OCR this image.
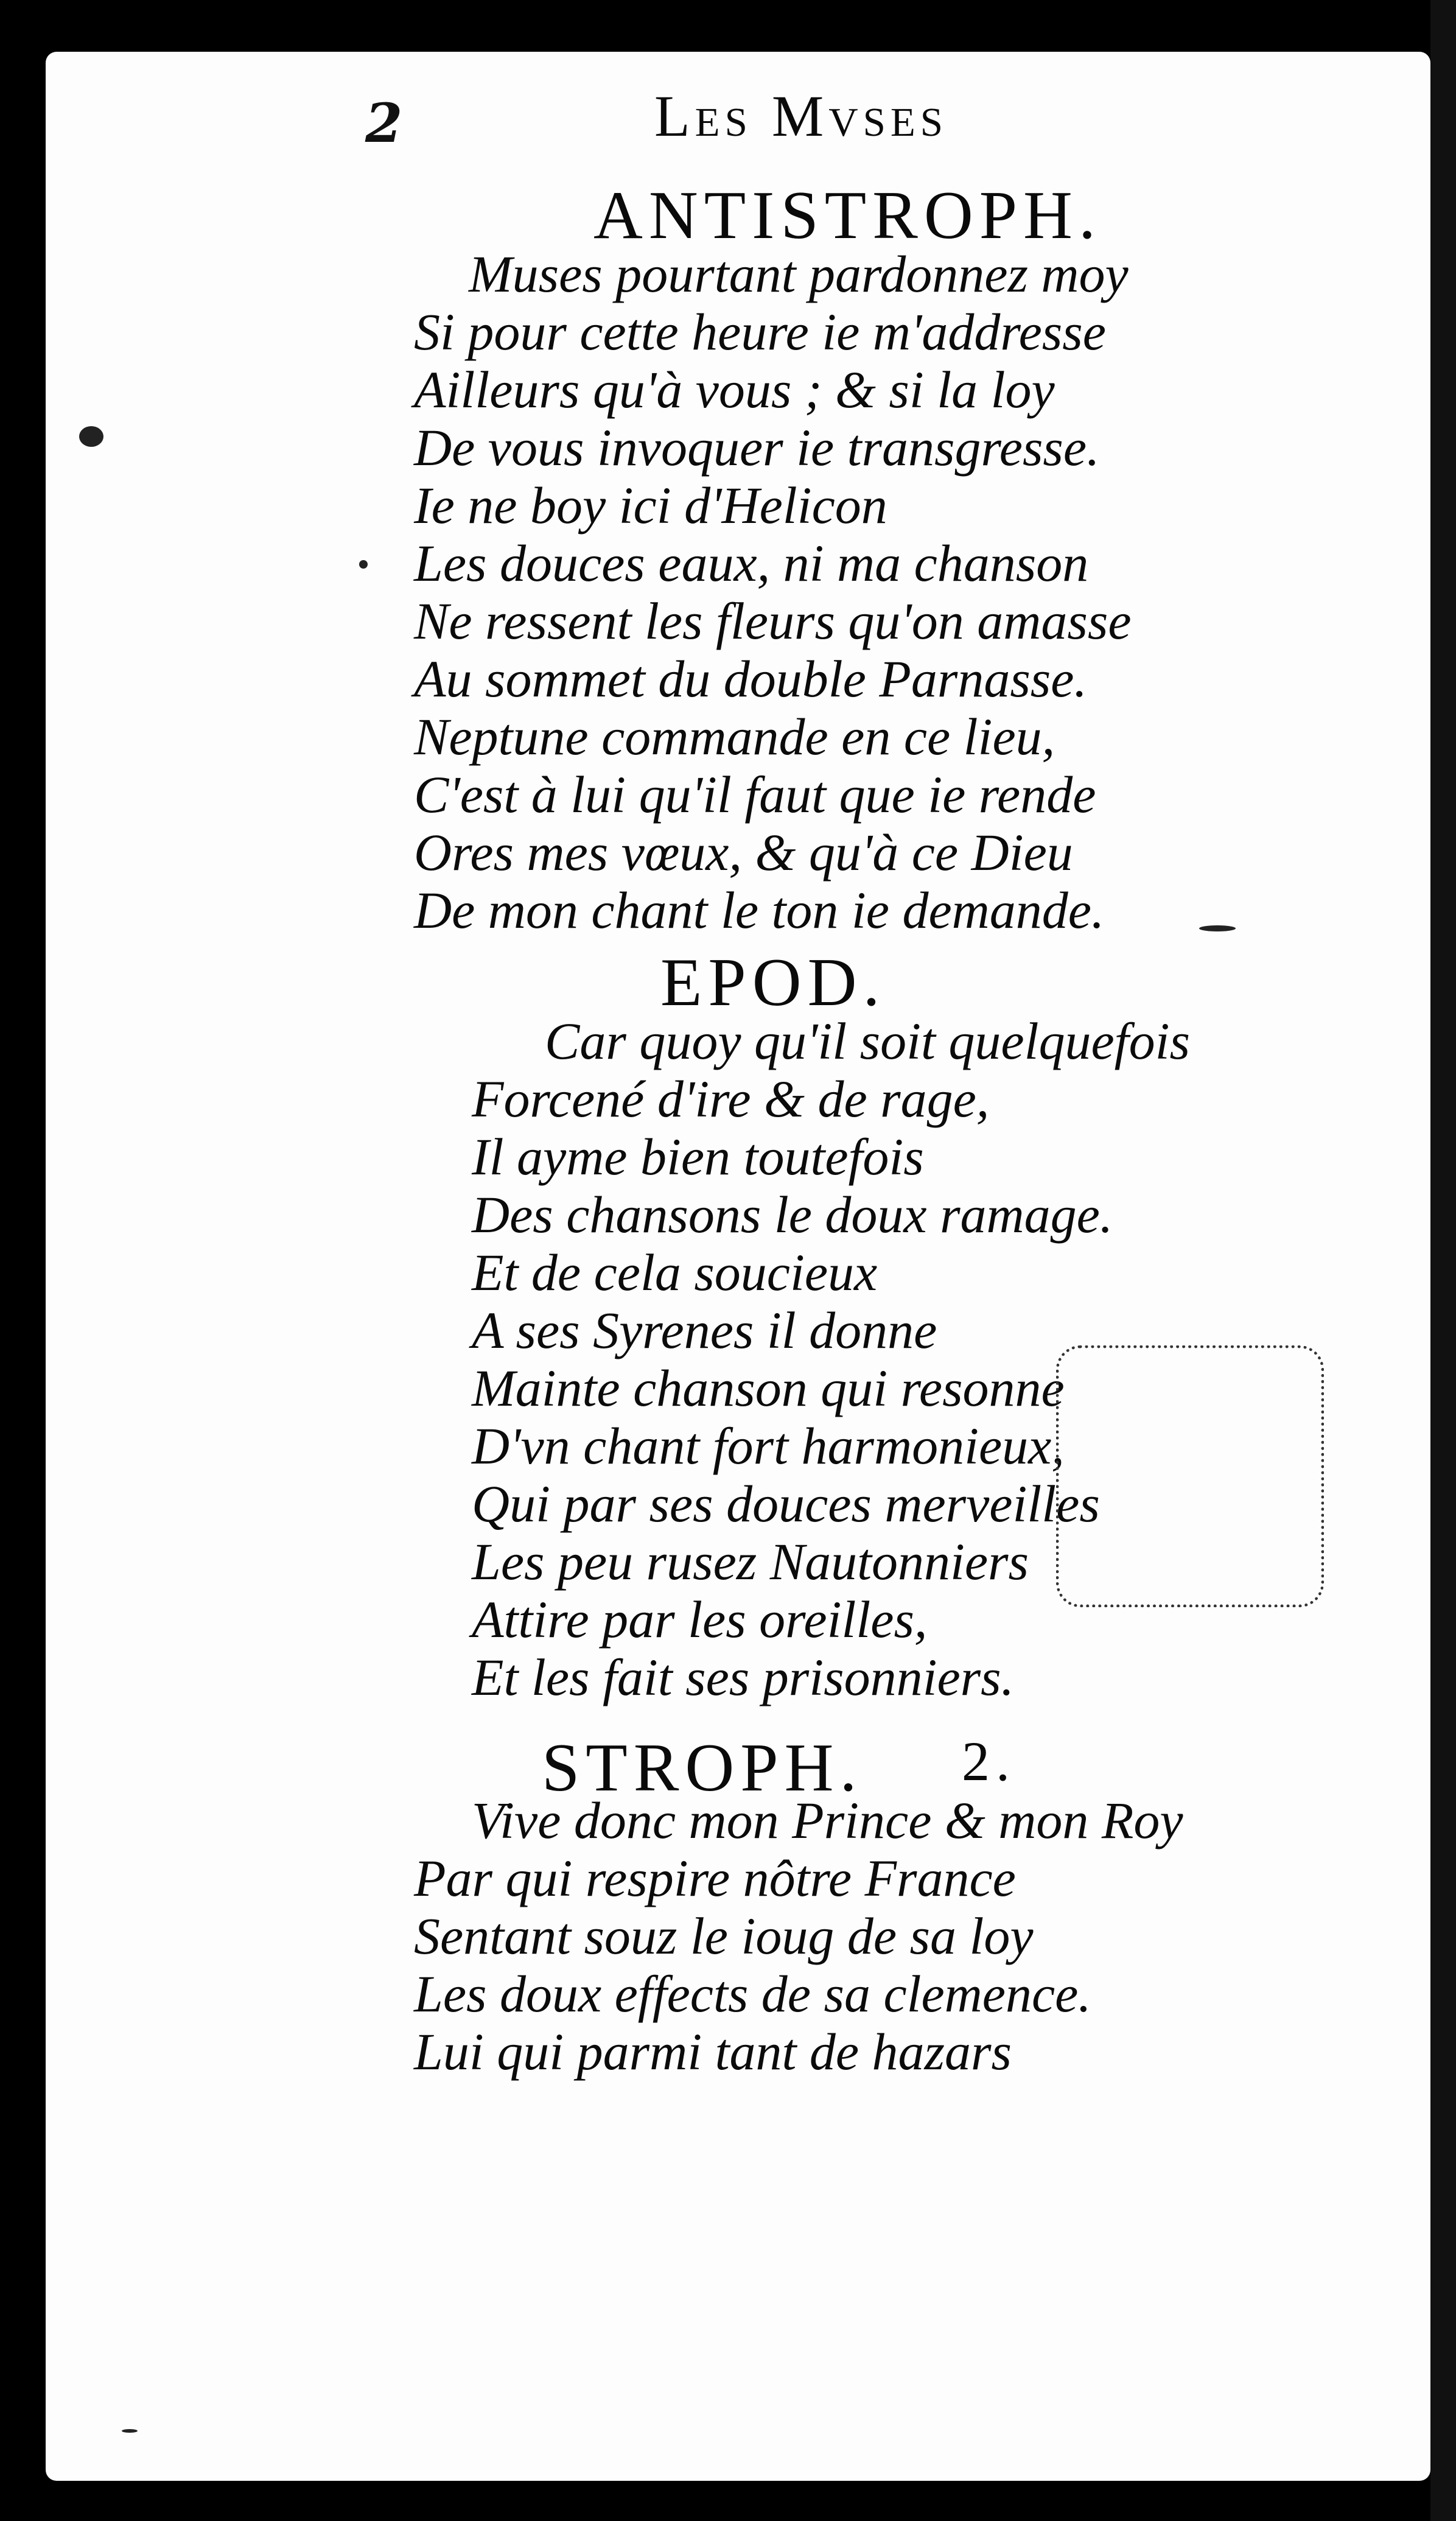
2	Les Mvses
ANTISTROPH.
Muses pourtant pardonnez moy
Si pour cette heure ie m'addresse
Ailleurs qu'à vous ; & si la loy
De vous invoquer ie transgresse.
Ie ne boy ici d'Helicon
Les douces eaux, ni ma chanson
Ne ressent les fleurs qu'on amasse
Au sommet du double Parnasse.
Neptune commande en ce lieu,
C'est à lui qu'il faut que ie rende
Ores mes vœux, & qu'à ce Dieu
De mon chant le ton ie demande.
EPOD.
Car quoy qu'il soit quelquefois
Forcené d'ire & de rage,
Il ayme bien toutefois
Des chansons le doux ramage.
Et de cela soucieux
A ses Syrenes il donne
Mainte chanson qui resonne
D'vn chant fort harmonieux,
Qui par ses douces merveilles
Les peu rusez Nautonniers
Attire par les oreilles,
Et les fait ses prisonniers.
STROPH. 2.
Vive donc mon Prince & mon Roy
Par qui respire nôtre France
Sentant souz le ioug de sa loy
Les doux effects de sa clemence.
Lui qui parmi tant de hazars
